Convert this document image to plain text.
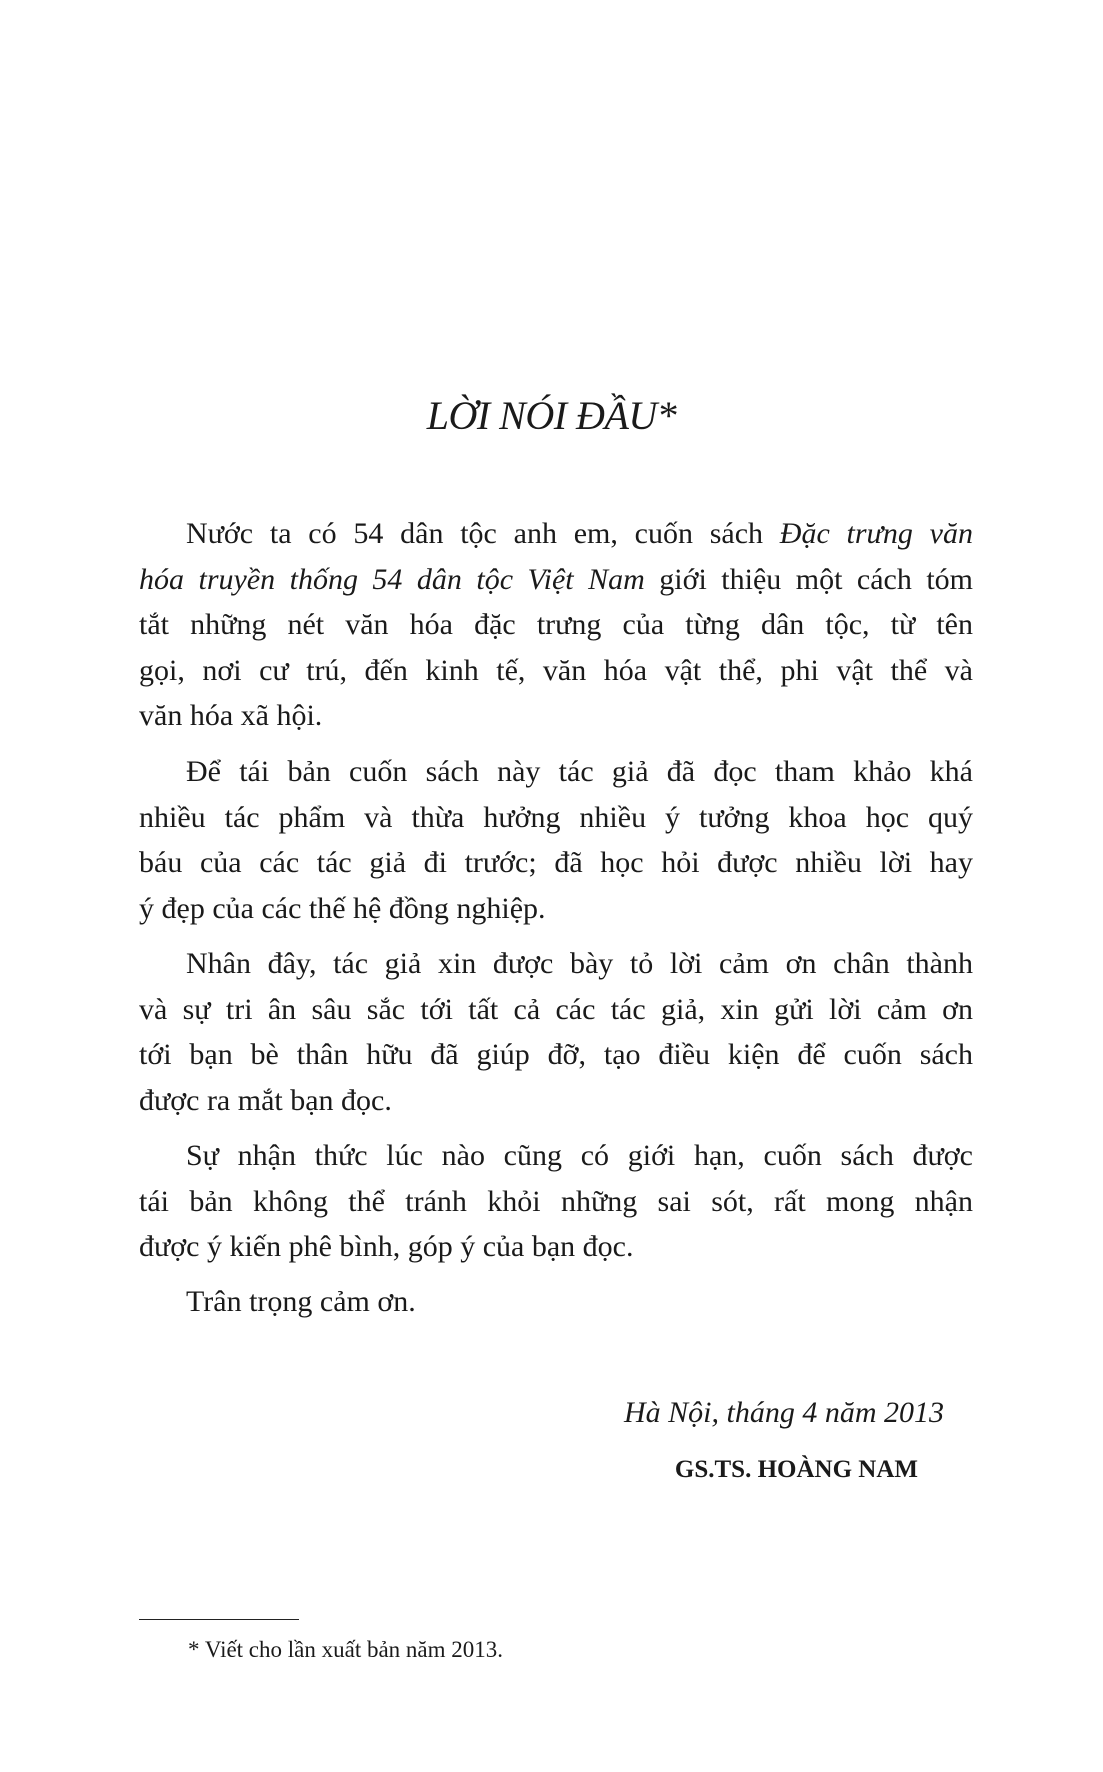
LỜI NÓI ĐẦU*
Nước ta có 54 dân tộc anh em, cuốn sách Đặc trưng văn
hóa truyền thống 54 dân tộc Việt Nam giới thiệu một cách tóm
tắt những nét văn hóa đặc trưng của từng dân tộc, từ tên
gọi, nơi cư trú, đến kinh tế, văn hóa vật thể, phi vật thể và
văn hóa xã hội.
Để tái bản cuốn sách này tác giả đã đọc tham khảo khá
nhiều tác phẩm và thừa hưởng nhiều ý tưởng khoa học quý
báu của các tác giả đi trước; đã học hỏi được nhiều lời hay
ý đẹp của các thế hệ đồng nghiệp.
Nhân đây, tác giả xin được bày tỏ lời cảm ơn chân thành
và sự tri ân sâu sắc tới tất cả các tác giả, xin gửi lời cảm ơn
tới bạn bè thân hữu đã giúp đỡ, tạo điều kiện để cuốn sách
được ra mắt bạn đọc.
Sự nhận thức lúc nào cũng có giới hạn, cuốn sách được
tái bản không thể tránh khỏi những sai sót, rất mong nhận
được ý kiến phê bình, góp ý của bạn đọc.
Trân trọng cảm ơn.
Hà Nội, tháng 4 năm 2013
GS.TS. HOÀNG NAM
* Viết cho lần xuất bản năm 2013.
